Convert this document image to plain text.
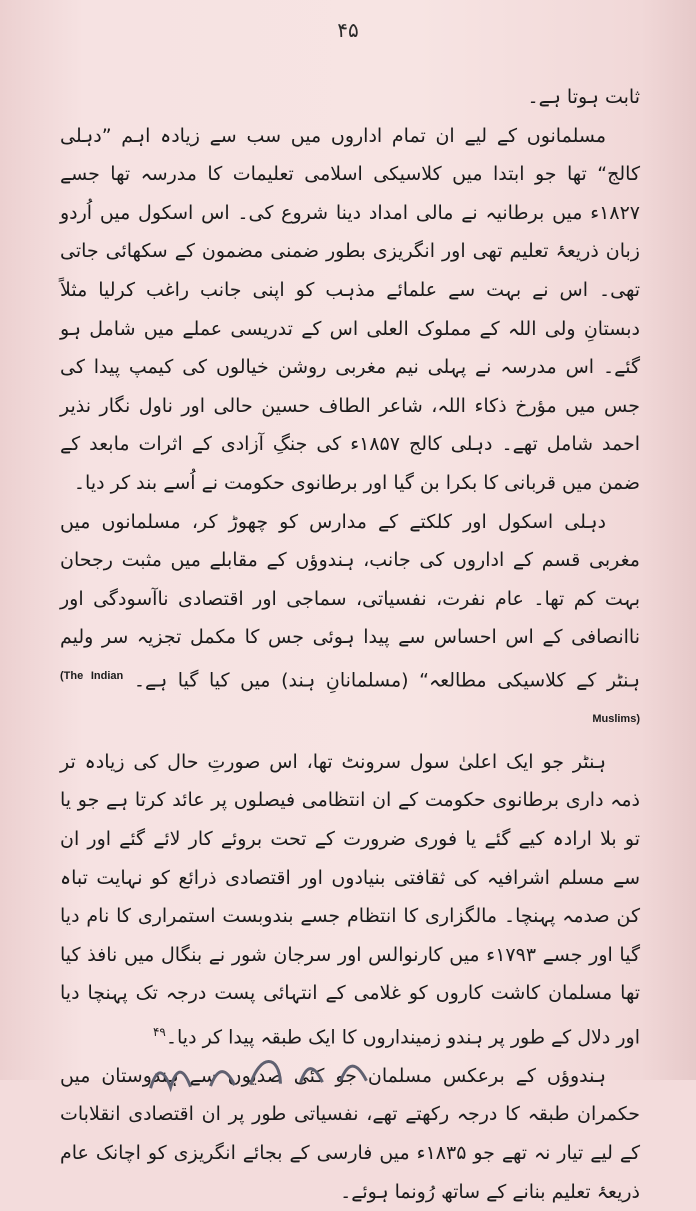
۴۵

ثابت ہوتا ہے۔

مسلمانوں کے لیے ان تمام اداروں میں سب سے زیادہ اہم ”دہلی کالج“ تھا جو ابتدا میں کلاسیکی اسلامی تعلیمات کا مدرسہ تھا جسے ۱۸۲۷ء میں برطانیہ نے مالی امداد دینا شروع کی۔ اس اسکول میں اُردو زبان ذریعۂ تعلیم تھی اور انگریزی بطور ضمنی مضمون کے سکھائی جاتی تھی۔ اس نے بہت سے علمائے مذہب کو اپنی جانب راغب کرلیا مثلاً دبستانِ ولی اللہ کے مملوک العلی اس کے تدریسی عملے میں شامل ہو گئے۔ اس مدرسہ نے پہلی نیم مغربی روشن خیالوں کی کیمپ پیدا کی جس میں مؤرخ ذکاء اللہ، شاعر الطاف حسین حالی اور ناول نگار نذیر احمد شامل تھے۔ دہلی کالج ۱۸۵۷ء کی جنگِ آزادی کے اثرات مابعد کے ضمن میں قربانی کا بکرا بن گیا اور برطانوی حکومت نے اُسے بند کر دیا۔

دہلی اسکول اور کلکتے کے مدارس کو چھوڑ کر، مسلمانوں میں مغربی قسم کے اداروں کی جانب، ہندوؤں کے مقابلے میں مثبت رجحان بہت کم تھا۔ عام نفرت، نفسیاتی، سماجی اور اقتصادی ناآسودگی اور ناانصافی کے اس احساس سے پیدا ہوئی جس کا مکمل تجزیہ سر ولیم ہنٹر کے کلاسیکی مطالعہ“ (مسلمانانِ ہند) میں کیا گیا ہے۔ $^{(The Indian Muslims)}$

ہنٹر جو ایک اعلیٰ سول سرونٹ تھا، اس صورتِ حال کی زیادہ تر ذمہ داری برطانوی حکومت کے ان انتظامی فیصلوں پر عائد کرتا ہے جو یا تو بلا ارادہ کیے گئے یا فوری ضرورت کے تحت بروئے کار لائے گئے اور ان سے مسلم اشرافیہ کی ثقافتی بنیادوں اور اقتصادی ذرائع کو نہایت تباہ کن صدمہ پہنچا۔ مالگزاری کا انتظام جسے بندوبست استمراری کا نام دیا گیا اور جسے ۱۷۹۳ء میں کارنوالس اور سرجان شور نے بنگال میں نافذ کیا تھا مسلمان کاشت کاروں کو غلامی کے انتہائی پست درجہ تک پہنچا دیا اور دلال کے طور پر ہندو زمینداروں کا ایک طبقہ پیدا کر دیا۔$^{۴۹}$

ہندوؤں کے برعکس مسلمان جو کئی صدیوں سے ہندوستان میں حکمران طبقہ کا درجہ رکھتے تھے، نفسیاتی طور پر ان اقتصادی انقلابات کے لیے تیار نہ تھے جو ۱۸۳۵ء میں فارسی کے بجائے انگریزی کو اچانک عام ذریعۂ تعلیم بنانے کے ساتھ رُونما ہوئے۔
